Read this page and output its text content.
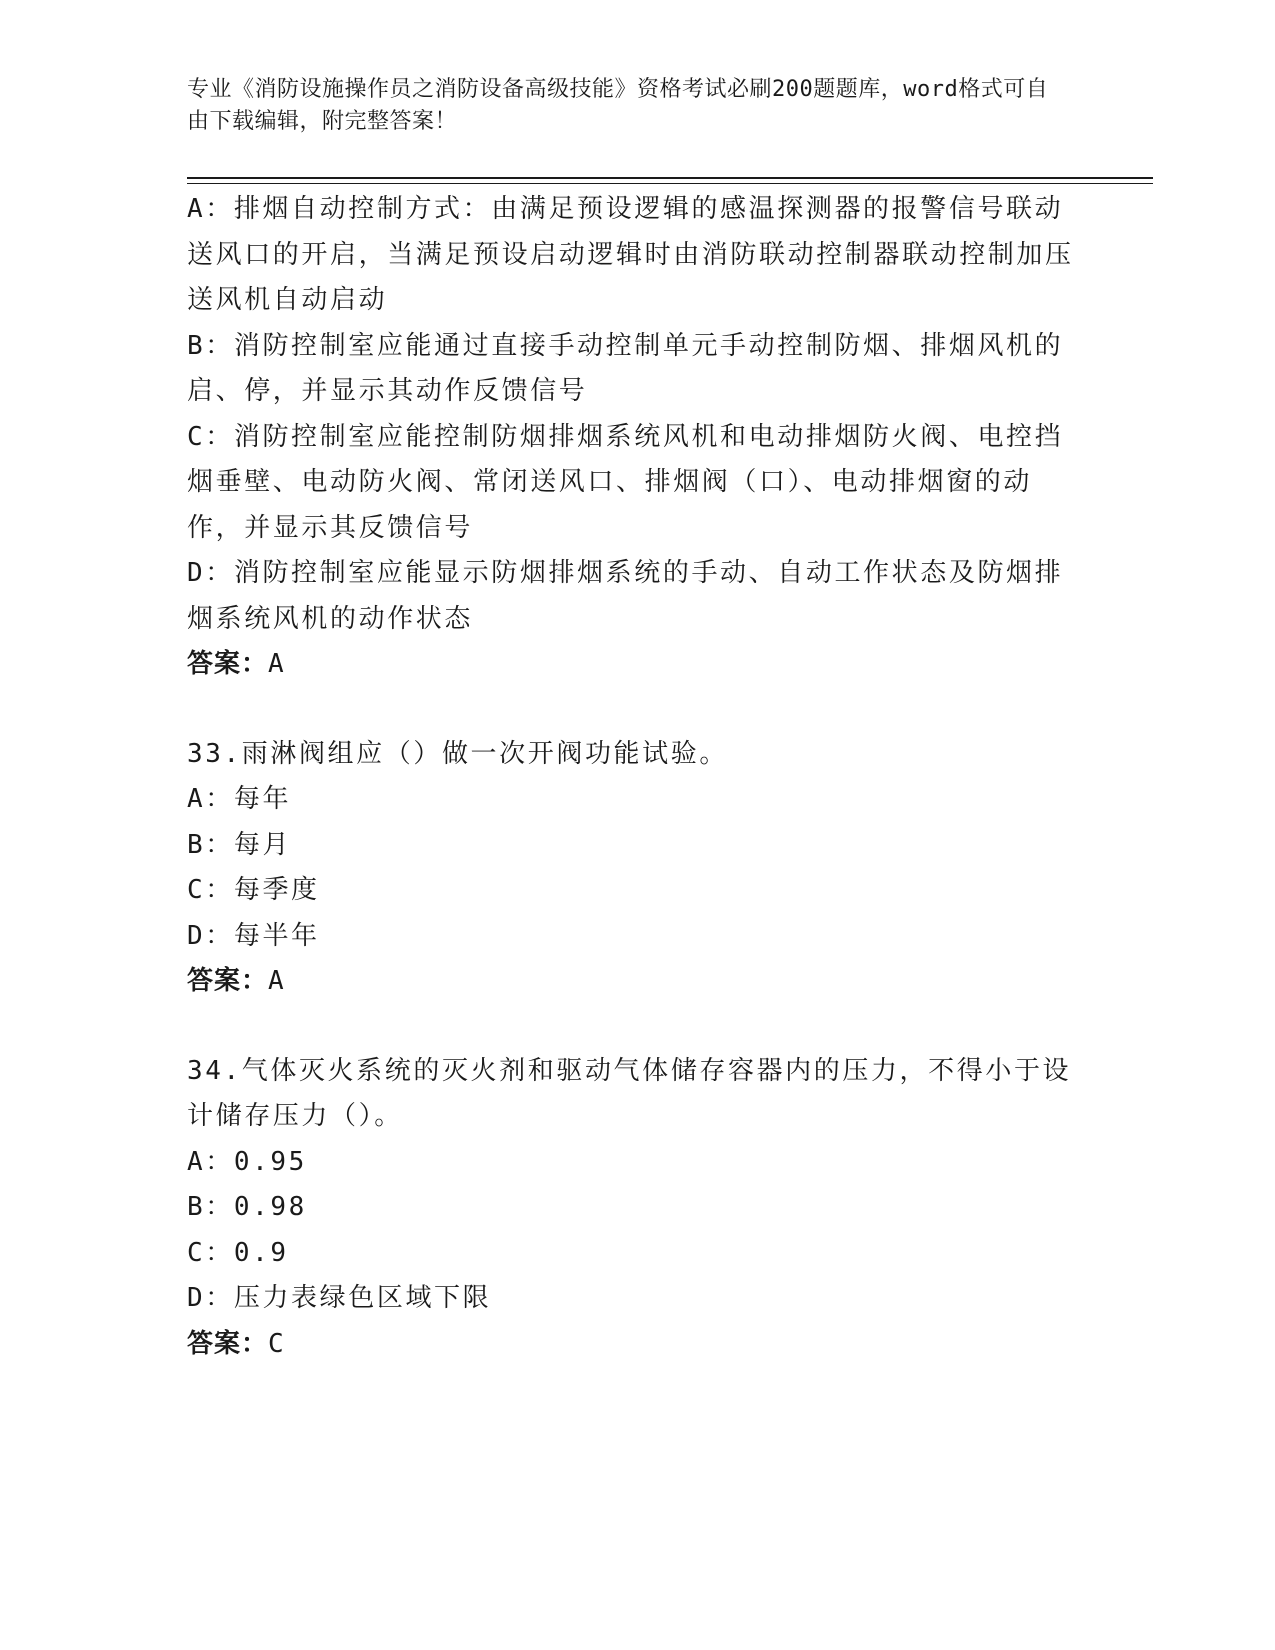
专业《消防设施操作员之消防设备高级技能》资格考试必刷200题题库，word格式可自由下载编辑，附完整答案！

A：排烟自动控制方式：由满足预设逻辑的感温探测器的报警信号联动送风口的开启，当满足预设启动逻辑时由消防联动控制器联动控制加压送风机自动启动

B：消防控制室应能通过直接手动控制单元手动控制防烟、排烟风机的启、停，并显示其动作反馈信号

C：消防控制室应能控制防烟排烟系统风机和电动排烟防火阀、电控挡烟垂壁、电动防火阀、常闭送风口、排烟阀（口）、电动排烟窗的动作，并显示其反馈信号

D：消防控制室应能显示防烟排烟系统的手动、自动工作状态及防烟排烟系统风机的动作状态

答案：A

33.雨淋阀组应（）做一次开阀功能试验。

A：每年

B：每月

C：每季度

D：每半年

答案：A

34.气体灭火系统的灭火剂和驱动气体储存容器内的压力，不得小于设计储存压力（）。

A：0.95

B：0.98

C：0.9

D：压力表绿色区域下限

答案：C
